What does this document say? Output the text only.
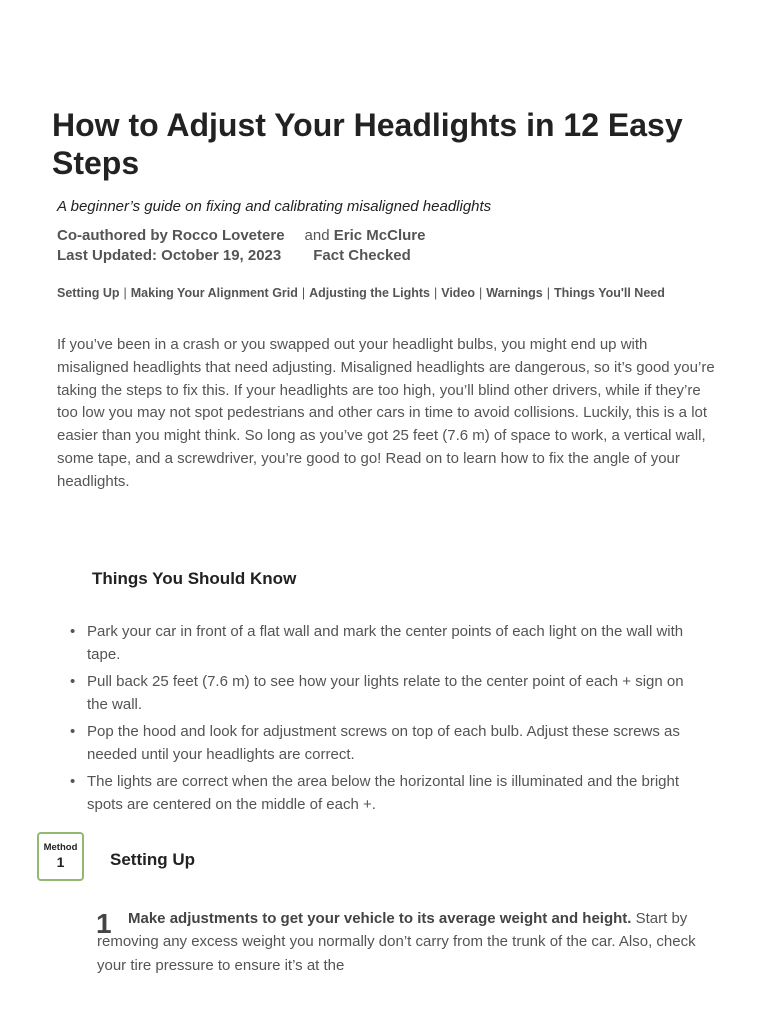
How to Adjust Your Headlights in 12 Easy Steps

A beginner’s guide on fixing and calibrating misaligned headlights

Co-authored by Rocco Lovetere and Eric McClure
Last Updated: October 19, 2023 Fact Checked
Setting Up | Making Your Alignment Grid | Adjusting the Lights | Video | Warnings | Things You'll Need

If you’ve been in a crash or you swapped out your headlight bulbs, you might end up with misaligned headlights that need adjusting. Misaligned headlights are dangerous, so it’s good you’re taking the steps to fix this. If your headlights are too high, you’ll blind other drivers, while if they’re too low you may not spot pedestrians and other cars in time to avoid collisions. Luckily, this is a lot easier than you might think. So long as you’ve got 25 feet (7.6 m) of space to work, a vertical wall, some tape, and a screwdriver, you’re good to go! Read on to learn how to fix the angle of your headlights.

Things You Should Know
• Park your car in front of a flat wall and mark the center points of each light on the wall with tape.
• Pull back 25 feet (7.6 m) to see how your lights relate to the center point of each + sign on the wall.
• Pop the hood and look for adjustment screws on top of each bulb. Adjust these screws as needed until your headlights are correct.
• The lights are correct when the area below the horizontal line is illuminated and the bright spots are centered on the middle of each +.
Method
1	Setting Up
1	Make adjustments to get your vehicle to its average weight and height. Start by removing any excess weight you normally don’t carry from the trunk of the car. Also, check your tire pressure to ensure it’s at the
